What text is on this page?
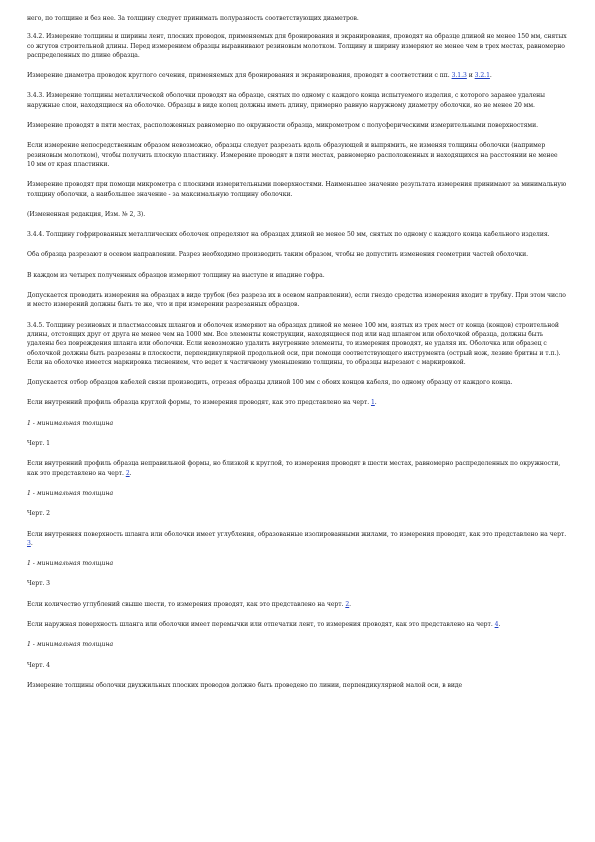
него, по толщине и без нее. За толщину следует принимать полуразность соответствующих диаметров.

3.4.2. Измерение толщины и ширины лент, плоских проводок, применяемых для бронирования и экранирования, проводят на образце длиной не менее 150 мм, снятых со жгутов строительной длины. Перед измерением образцы выравнивают резиновым молотком. Толщину и ширину измеряют не менее чем в трех местах, равномерно распределенных по длине образца.

Измерение диаметра проводок круглого сечения, применяемых для бронирования и экранирования, проводят в соответствии с пп. 3.1.3 и 3.2.1.

3.4.3. Измерение толщины металлической оболочки проводят на образце, снятых по одному с каждого конца испытуемого изделия, с которого заранее удалены наружные слои, находящиеся на оболочке. Образцы в виде колец должны иметь длину, примерно равную наружному диаметру оболочки, но не менее 20 мм.

Измерение проводят в пяти местах, расположенных равномерно по окружности образца, микрометром с полусферическими измерительными поверхностями.

Если измерение непосредственным образом невозможно, образцы следует разрезать вдоль образующей и выпрямить, не изменяя толщины оболочки (например резиновым молотком), чтобы получить плоскую пластинку. Измерение проводят в пяти местах, равномерно расположенных и находящихся на расстоянии не менее 10 мм от края пластинки.

Измерение проводят при помощи микрометра с плоскими измерительными поверхностями. Наименьшее значение результата измерения принимают за минимальную толщину оболочки, а наибольшее значение - за максимальную толщину оболочки.

(Измененная редакция, Изм. № 2, 3).

3.4.4. Толщину гофрированных металлических оболочек определяют на образцах длиной не менее 50 мм, снятых по одному с каждого конца кабельного изделия.

Оба образца разрезают в осевом направлении. Разрез необходимо производить таким образом, чтобы не допустить изменения геометрии частей оболочки.

В каждом из четырех полученных образцов измеряют толщину на выступе и впадине гофра.

Допускается проводить измерения на образцах в виде трубок (без разреза их в осевом направлении), если гнездо средства измерения входит в трубку. При этом число и место измерений должны быть те же, что и при измерении разрезанных образцов.

3.4.5. Толщину резиновых и пластмассовых шлангов и оболочек измеряют на образцах длиной не менее 100 мм, взятых из трех мест от конца (концов) строительной длины, отстоящих друг от друга не менее чем на 1000 мм. Все элементы конструкции, находящиеся под или над шлангом или оболочкой образца, должны быть удалены без повреждения шланга или оболочки. Если невозможно удалить внутренние элементы, то измерения проводят, не удаляя их. Оболочка или образец с оболочкой должны быть разрезаны в плоскости, перпендикулярной продольной оси, при помощи соответствующего инструмента (острый нож, лезвие бритвы и т.п.). Если на оболочке имеется маркировка тиснением, что ведет к частичному уменьшению толщины, то образцы вырезают с маркировкой.

Допускается отбор образцов кабелей связи производить, отрезая образцы длиной 100 мм с обоих концов кабеля, по одному образцу от каждого конца.

Если внутренний профиль образца круглой формы, то измерения проводят, как это представлено на черт. 1.

1 - минимальная толщина

Черт. 1

Если внутренний профиль образца неправильной формы, но близкой к круглой, то измерения проводят в шести местах, равномерно распределенных по окружности, как это представлено на черт. 2.

1 - минимальная толщина

Черт. 2

Если внутренняя поверхность шланга или оболочки имеет углубления, образованные изолированными жилами, то измерения проводят, как это представлено на черт. 3.

1 - минимальная толщина

Черт. 3

Если количество углублений свыше шести, то измерения проводят, как это представлено на черт. 2.

Если наружная поверхность шланга или оболочки имеет перемычки или отпечатки лент, то измерения проводят, как это представлено на черт. 4.

1 - минимальная толщина

Черт. 4

Измерение толщины оболочки двухжильных плоских проводов должно быть проведено по линии, перпендикулярной малой оси, в виде
